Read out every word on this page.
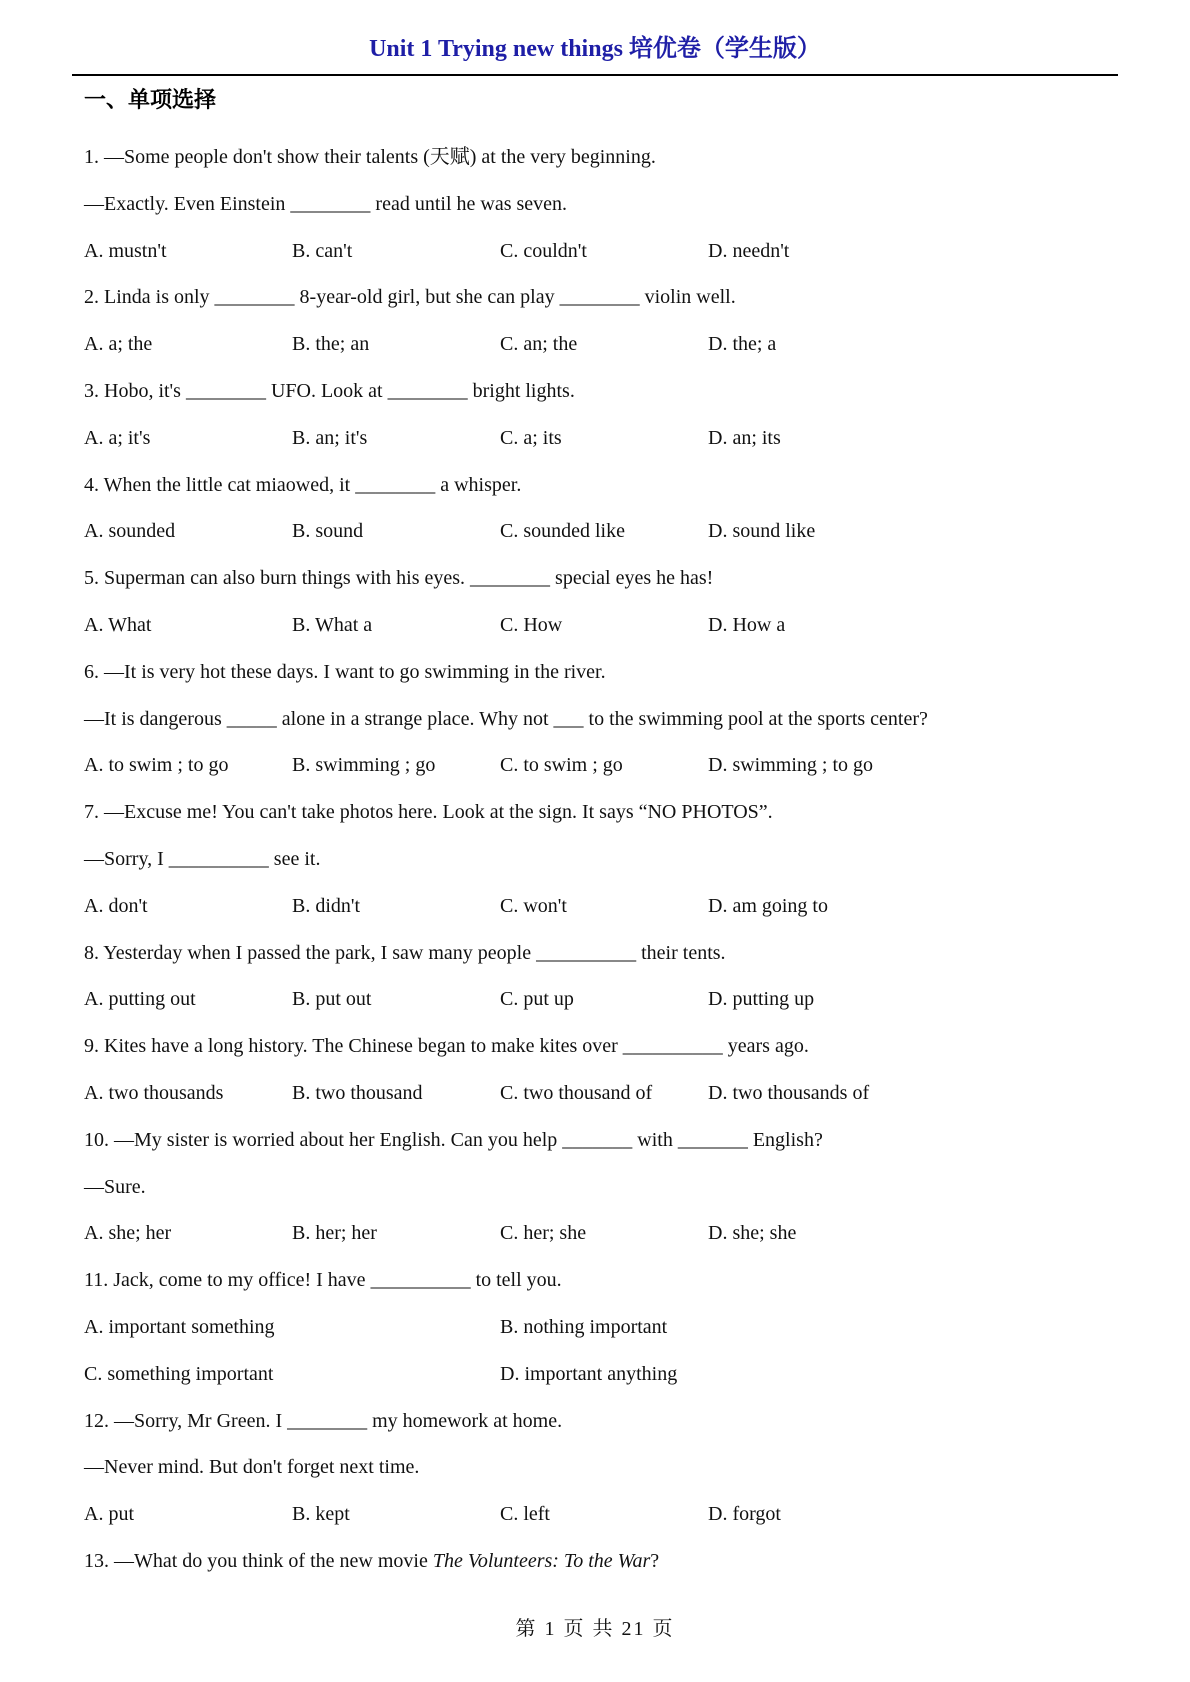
Unit 1 Trying new things 培优卷（学生版）
一、单项选择

1. —Some people don't show their talents (天赋) at the very beginning.

—Exactly. Even Einstein ________ read until he was seven.

A. mustn't	B. can't	C. couldn't	D. needn't

2. Linda is only ________ 8-year-old girl, but she can play ________ violin well.

A. a; the	B. the; an	C. an; the	D. the; a

3. Hobo, it's ________ UFO. Look at ________ bright lights.

A. a; it's	B. an; it's	C. a; its	D. an; its

4. When the little cat miaowed, it ________ a whisper.

A. sounded	B. sound	C. sounded like	D. sound like

5. Superman can also burn things with his eyes. ________ special eyes he has!

A. What	B. What a	C. How	D. How a

6. —It is very hot these days. I want to go swimming in the river.

—It is dangerous _____ alone in a strange place. Why not ___ to the swimming pool at the sports center?

A. to swim ; to go	B. swimming ; go	C. to swim ; go	D. swimming ; to go

7. —Excuse me! You can't take photos here. Look at the sign. It says “NO PHOTOS”.

—Sorry, I __________ see it.

A. don't	B. didn't	C. won't	D. am going to

8. Yesterday when I passed the park, I saw many people __________ their tents.

A. putting out	B. put out	C. put up	D. putting up

9. Kites have a long history. The Chinese began to make kites over __________ years ago.

A. two thousands	B. two thousand	C. two thousand of	D. two thousands of

10. —My sister is worried about her English. Can you help _______ with _______ English?

—Sure.

A. she; her	B. her; her	C. her; she	D. she; she

11. Jack, come to my office! I have __________ to tell you.

A. important something	B. nothing important
C. something important	D. important anything

12. —Sorry, Mr Green. I ________ my homework at home.

—Never mind. But don't forget next time.

A. put	B. kept	C. left	D. forgot

13. —What do you think of the new movie The Volunteers: To the War?

第 1 页 共 21 页
